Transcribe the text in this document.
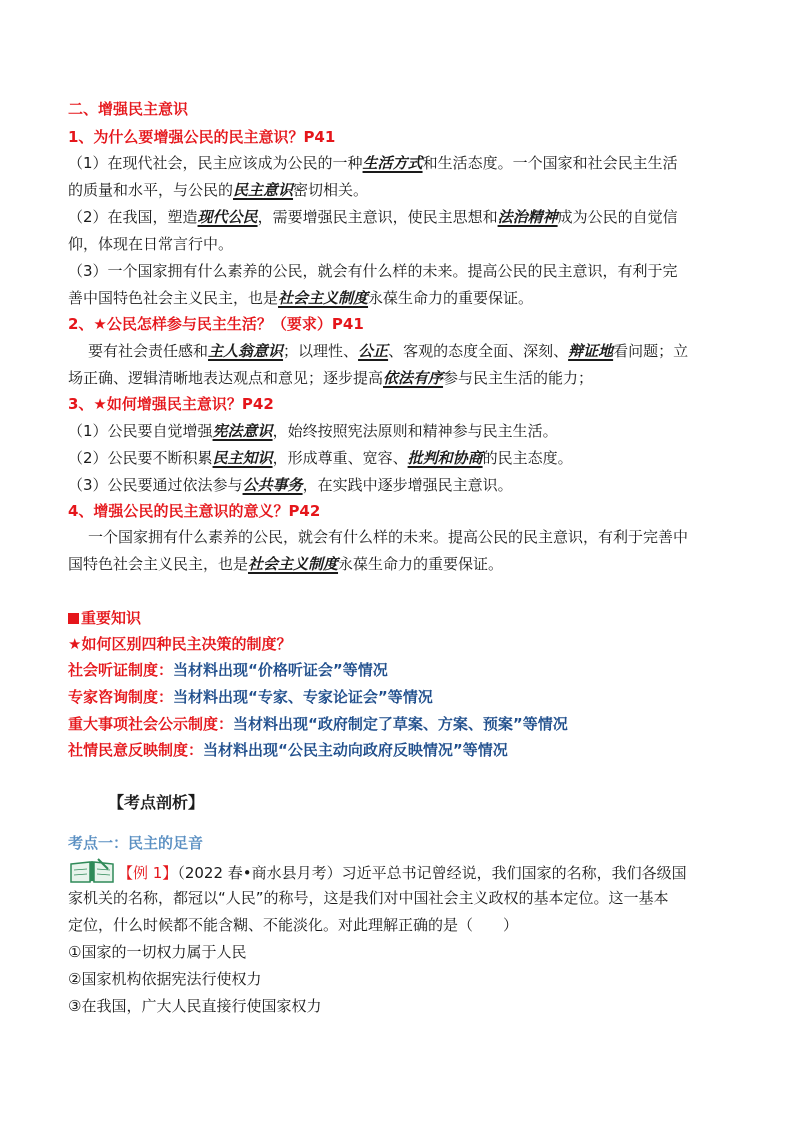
二、增强民主意识
1、为什么要增强公民的民主意识？P41
（1）在现代社会，民主应该成为公民的一种生活方式和生活态度。一个国家和社会民主生活
的质量和水平，与公民的民主意识密切相关。
（2）在我国，塑造现代公民，需要增强民主意识，使民主思想和法治精神成为公民的自觉信
仰，体现在日常言行中。
（3）一个国家拥有什么素养的公民，就会有什么样的未来。提高公民的民主意识，有利于完
善中国特色社会主义民主，也是社会主义制度永葆生命力的重要保证。
2、★公民怎样参与民主生活？（要求）P41
要有社会责任感和主人翁意识；以理性、公正、客观的态度全面、深刻、辩证地看问题；立
场正确、逻辑清晰地表达观点和意见；逐步提高依法有序参与民主生活的能力；
3、★如何增强民主意识？P42
（1）公民要自觉增强宪法意识，始终按照宪法原则和精神参与民主生活。
（2）公民要不断积累民主知识，形成尊重、宽容、批判和协商的民主态度。
（3）公民要通过依法参与公共事务，在实践中逐步增强民主意识。
4、增强公民的民主意识的意义？P42
一个国家拥有什么素养的公民，就会有什么样的未来。提高公民的民主意识，有利于完善中
国特色社会主义民主，也是社会主义制度永葆生命力的重要保证。
重要知识
★如何区别四种民主决策的制度？
社会听证制度：当材料出现“价格听证会”等情况
专家咨询制度：当材料出现“专家、专家论证会”等情况
重大事项社会公示制度：当材料出现“政府制定了草案、方案、预案”等情况
社情民意反映制度：当材料出现“公民主动向政府反映情况”等情况
【考点剖析】
考点一：民主的足音
【例 1】（2022 春•商水县月考）习近平总书记曾经说，我们国家的名称，我们各级国
家机关的名称，都冠以“人民”的称号，这是我们对中国社会主义政权的基本定位。这一基本
定位，什么时候都不能含糊、不能淡化。对此理解正确的是（　　）
①国家的一切权力属于人民
②国家机构依据宪法行使权力
③在我国，广大人民直接行使国家权力
